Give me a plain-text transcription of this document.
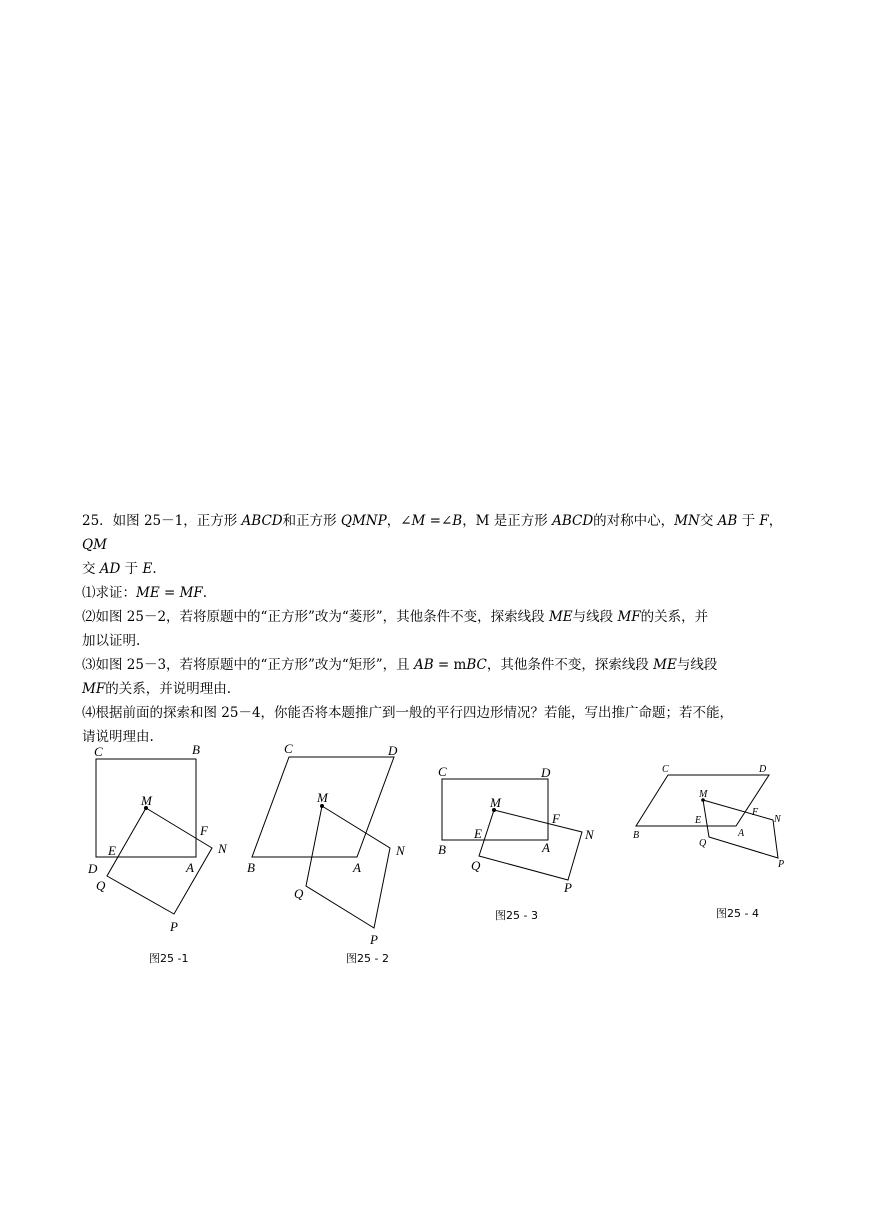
25．如图 25－1，正方形 ABCD和正方形 QMNP，∠M =∠B，M 是正方形 ABCD的对称中心，MN交 AB 于 F，QM

交 AD 于 E.

⑴求证：ME = MF.

⑵如图 25－2，若将原题中的“正方形”改为“菱形”，其他条件不变，探索线段 ME与线段 MF的关系，并

加以证明.

⑶如图 25－3，若将原题中的“正方形”改为“矩形”，且 AB = mBC，其他条件不变，探索线段 ME与线段

MF的关系，并说明理由.

⑷根据前面的探索和图 25－4，你能否将本题推广到一般的平行四边形情况？若能，写出推广命题；若不能，

请说明理由.

C	B
M
F
N
E
D	A
Q
P
C	D
M
N
B	A
Q
P
C	D
M
F
N
E
B	A
Q
P
C	D
M
F
N
E
B	A
Q
P
图25 -1	图25 - 2
图25 - 3	图25 - 4
